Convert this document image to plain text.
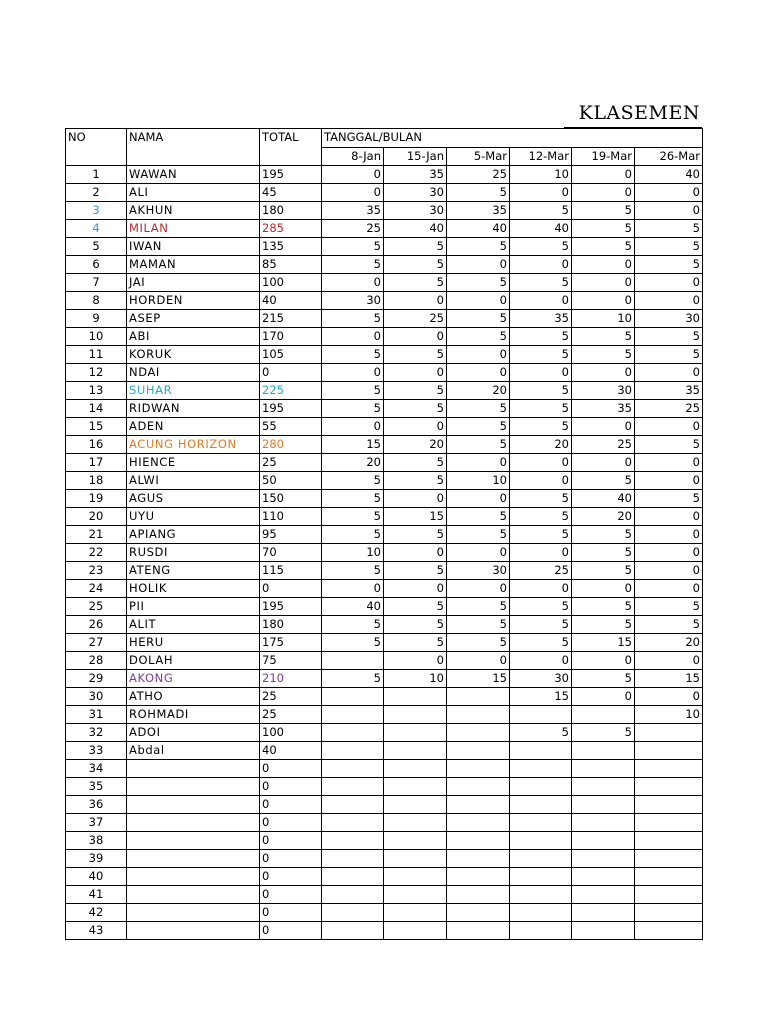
KLASEMEN
NO	NAMA	TOTAL	TANGGAL/BULAN					
			8-Jan	15-Jan	5-Mar	12-Mar	19-Mar	26-Mar
1	WAWAN	195	0	35	25	10	0	40
2	ALI	45	0	30	5	0	0	0
3	AKHUN	180	35	30	35	5	5	0
4	MILAN	285	25	40	40	40	5	5
5	IWAN	135	5	5	5	5	5	5
6	MAMAN	85	5	5	0	0	0	5
7	JAI	100	0	5	5	5	0	0
8	HORDEN	40	30	0	0	0	0	0
9	ASEP	215	5	25	5	35	10	30
10	ABI	170	0	0	5	5	5	5
11	KORUK	105	5	5	0	5	5	5
12	NDAI	0	0	0	0	0	0	0
13	SUHAR	225	5	5	20	5	30	35
14	RIDWAN	195	5	5	5	5	35	25
15	ADEN	55	0	0	5	5	0	0
16	ACUNG HORIZON	280	15	20	5	20	25	5
17	HIENCE	25	20	5	0	0	0	0
18	ALWI	50	5	5	10	0	5	0
19	AGUS	150	5	0	0	5	40	5
20	UYU	110	5	15	5	5	20	0
21	APIANG	95	5	5	5	5	5	0
22	RUSDI	70	10	0	0	0	5	0
23	ATENG	115	5	5	30	25	5	0
24	HOLIK	0	0	0	0	0	0	0
25	PII	195	40	5	5	5	5	5
26	ALIT	180	5	5	5	5	5	5
27	HERU	175	5	5	5	5	15	20
28	DOLAH	75		0	0	0	0	0
29	AKONG	210	5	10	15	30	5	15
30	ATHO	25				15	0	0
31	ROHMADI	25						10
32	ADOI	100				5	5	
33	Abdal	40						
34		0						
35		0						
36		0						
37		0						
38		0						
39		0						
40		0						
41		0						
42		0						
43		0						
